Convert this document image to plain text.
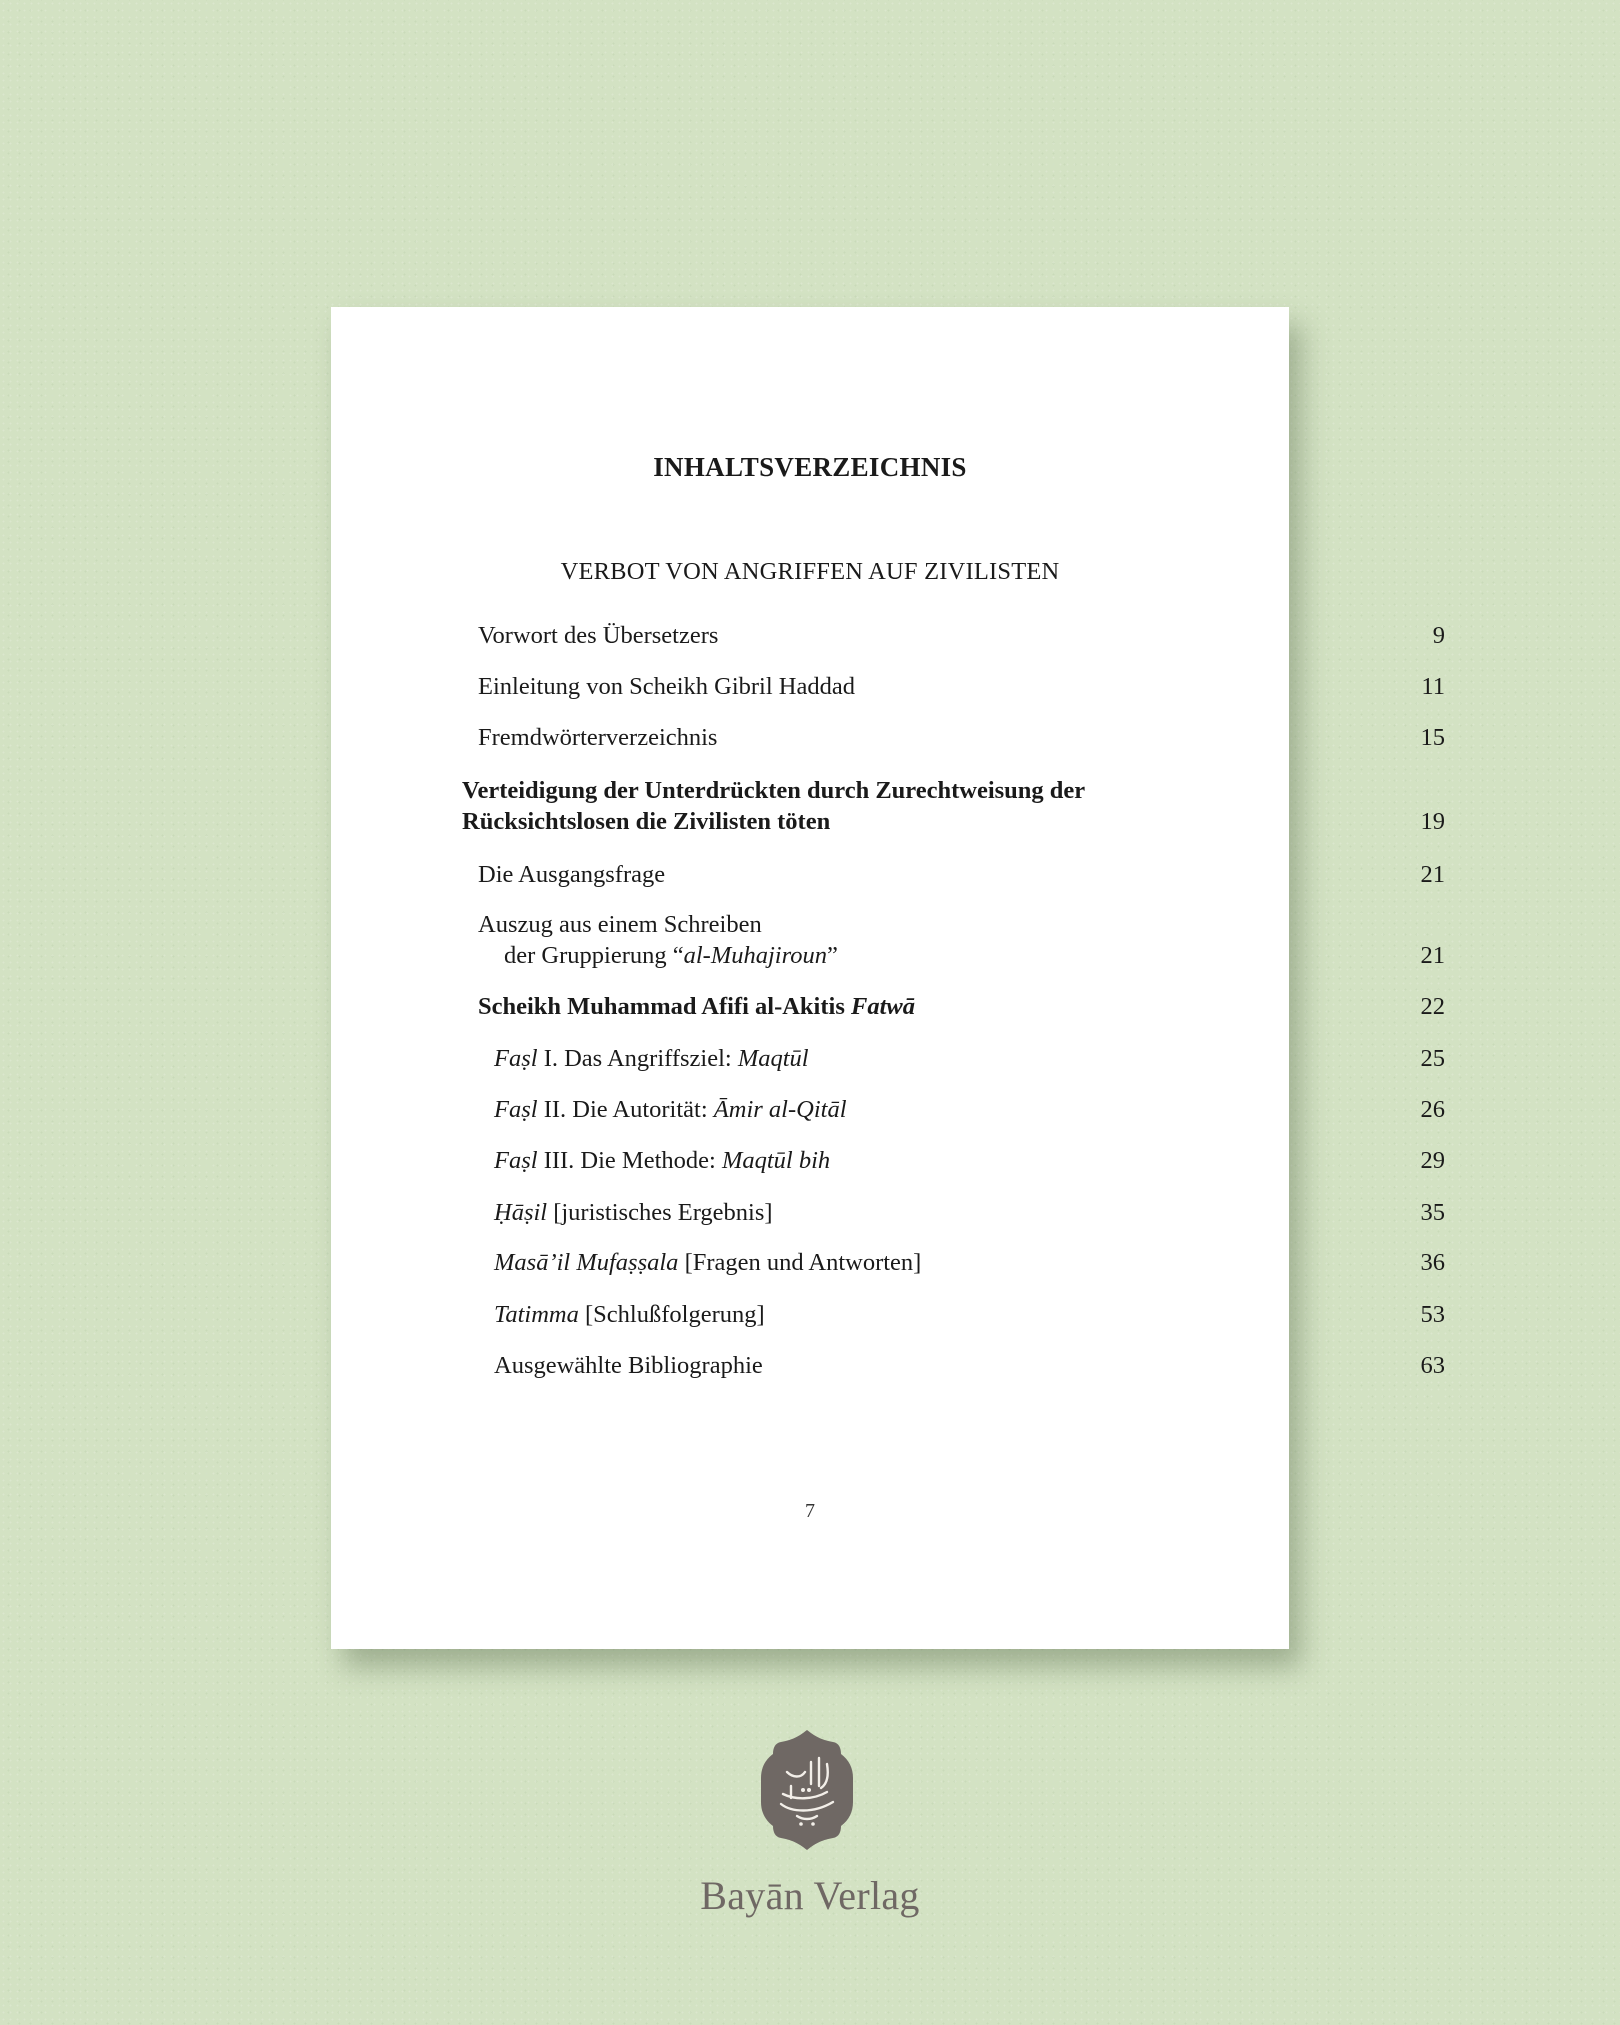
INHALTSVERZEICHNIS
VERBOT VON ANGRIFFEN AUF ZIVILISTEN
Vorwort des Übersetzers	9
Einleitung von Scheikh Gibril Haddad	11
Fremdwörterverzeichnis	15
Verteidigung der Unterdrückten durch Zurechtweisung der
Rücksichtslosen die Zivilisten töten	19
Die Ausgangsfrage	21
Auszug aus einem Schreiben
der Gruppierung “al-Muhajiroun”	21
Scheikh Muhammad Afifi al-Akitis Fatwā	22
Faṣl I. Das Angriffsziel: Maqtūl	25
Faṣl II. Die Autorität: Āmir al-Qitāl	26
Faṣl III. Die Methode: Maqtūl bih	29
Ḥāṣil [juristisches Ergebnis]	35
Masā’il Mufaṣṣala [Fragen und Antworten]	36
Tatimma [Schlußfolgerung]	53
Ausgewählte Bibliographie	63
7
Bayān Verlag
